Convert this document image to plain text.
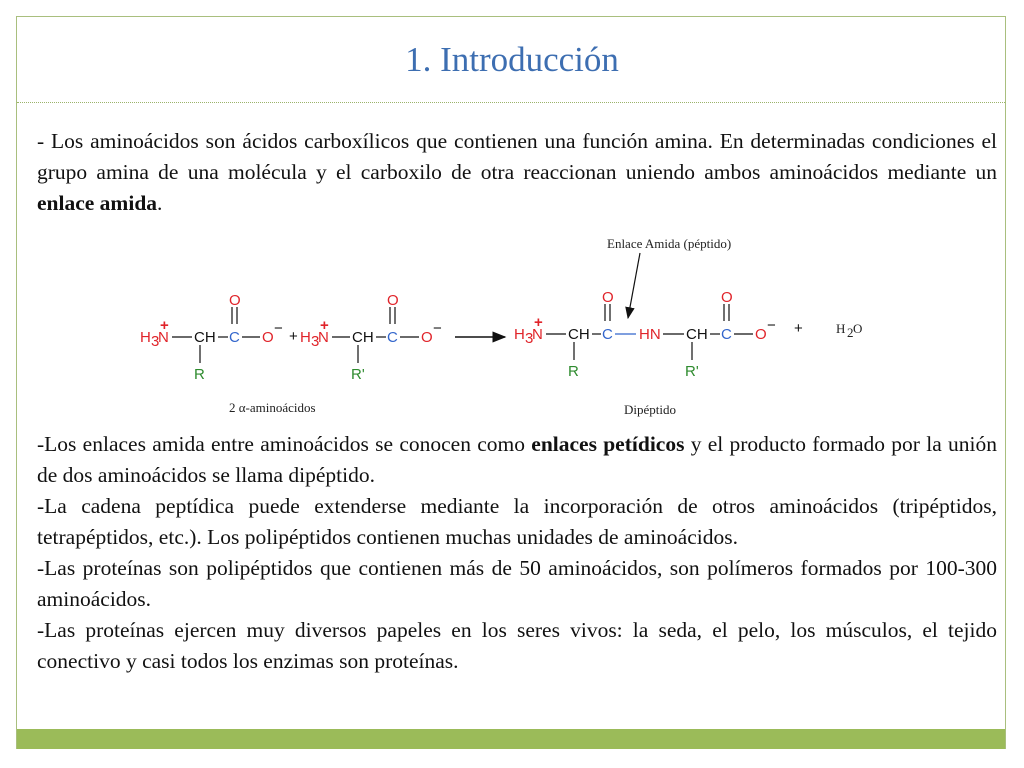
1. Introducción

- Los aminoácidos son ácidos carboxílicos que contienen una función amina. En determinadas condiciones el grupo amina de una molécula y el carboxilo de otra reaccionan uniendo ambos aminoácidos mediante un enlace amida.

Enlace Amida (péptido)
H 3
N
+
CH C
O
O
−
R
+ H 3
N
+
CH C
O
O
−
R'
H 3
N
+
CH C
O
HN CH C
O
O
−
R	R'
+	H 2 O
2 α-aminoácidos	Dipéptido

-Los enlaces amida entre aminoácidos se conocen como enlaces petídicos y el producto formado por la unión de dos aminoácidos se llama dipéptido.
-La cadena peptídica puede extenderse mediante la incorporación de otros aminoácidos (tripéptidos, tetrapéptidos, etc.). Los polipéptidos contienen muchas unidades de aminoácidos.
-Las proteínas son polipéptidos que contienen más de 50 aminoácidos, son polímeros formados por 100-300 aminoácidos.
-Las proteínas ejercen muy diversos papeles en los seres vivos: la seda, el pelo, los músculos, el tejido conectivo y casi todos los enzimas son proteínas.
